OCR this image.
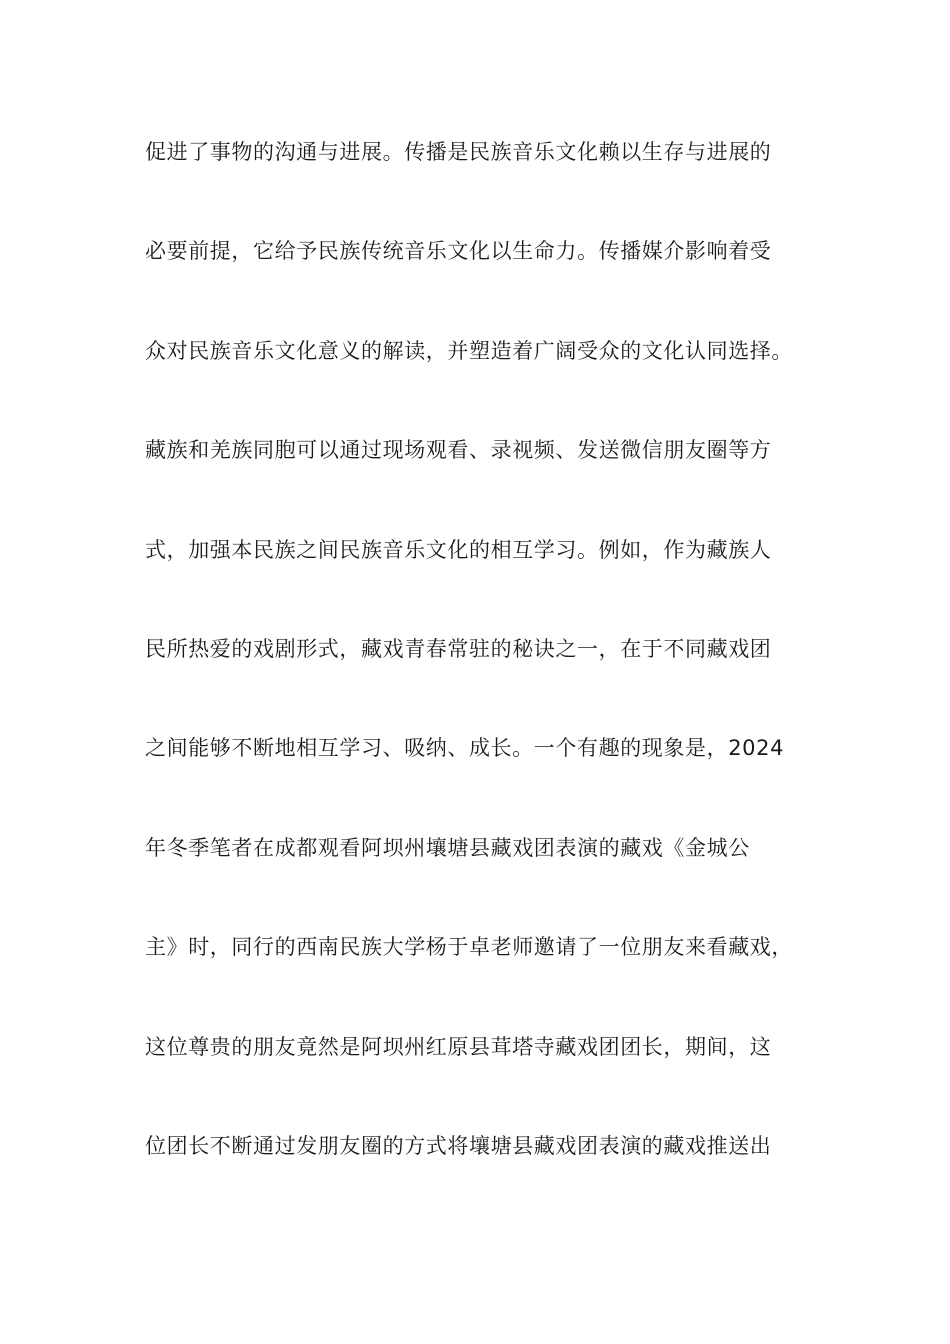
促进了事物的沟通与进展。传播是民族音乐文化赖以生存与进展的
必要前提，它给予民族传统音乐文化以生命力。传播媒介影响着受
众对民族音乐文化意义的解读，并塑造着广阔受众的文化认同选择。
藏族和羌族同胞可以通过现场观看、录视频、发送微信朋友圈等方
式，加强本民族之间民族音乐文化的相互学习。例如，作为藏族人
民所热爱的戏剧形式，藏戏青春常驻的秘诀之一，在于不同藏戏团
之间能够不断地相互学习、吸纳、成长。一个有趣的现象是，2024
年冬季笔者在成都观看阿坝州壤塘县藏戏团表演的藏戏《金城公
主》时，同行的西南民族大学杨于卓老师邀请了一位朋友来看藏戏，
这位尊贵的朋友竟然是阿坝州红原县茸塔寺藏戏团团长，期间，这
位团长不断通过发朋友圈的方式将壤塘县藏戏团表演的藏戏推送出
